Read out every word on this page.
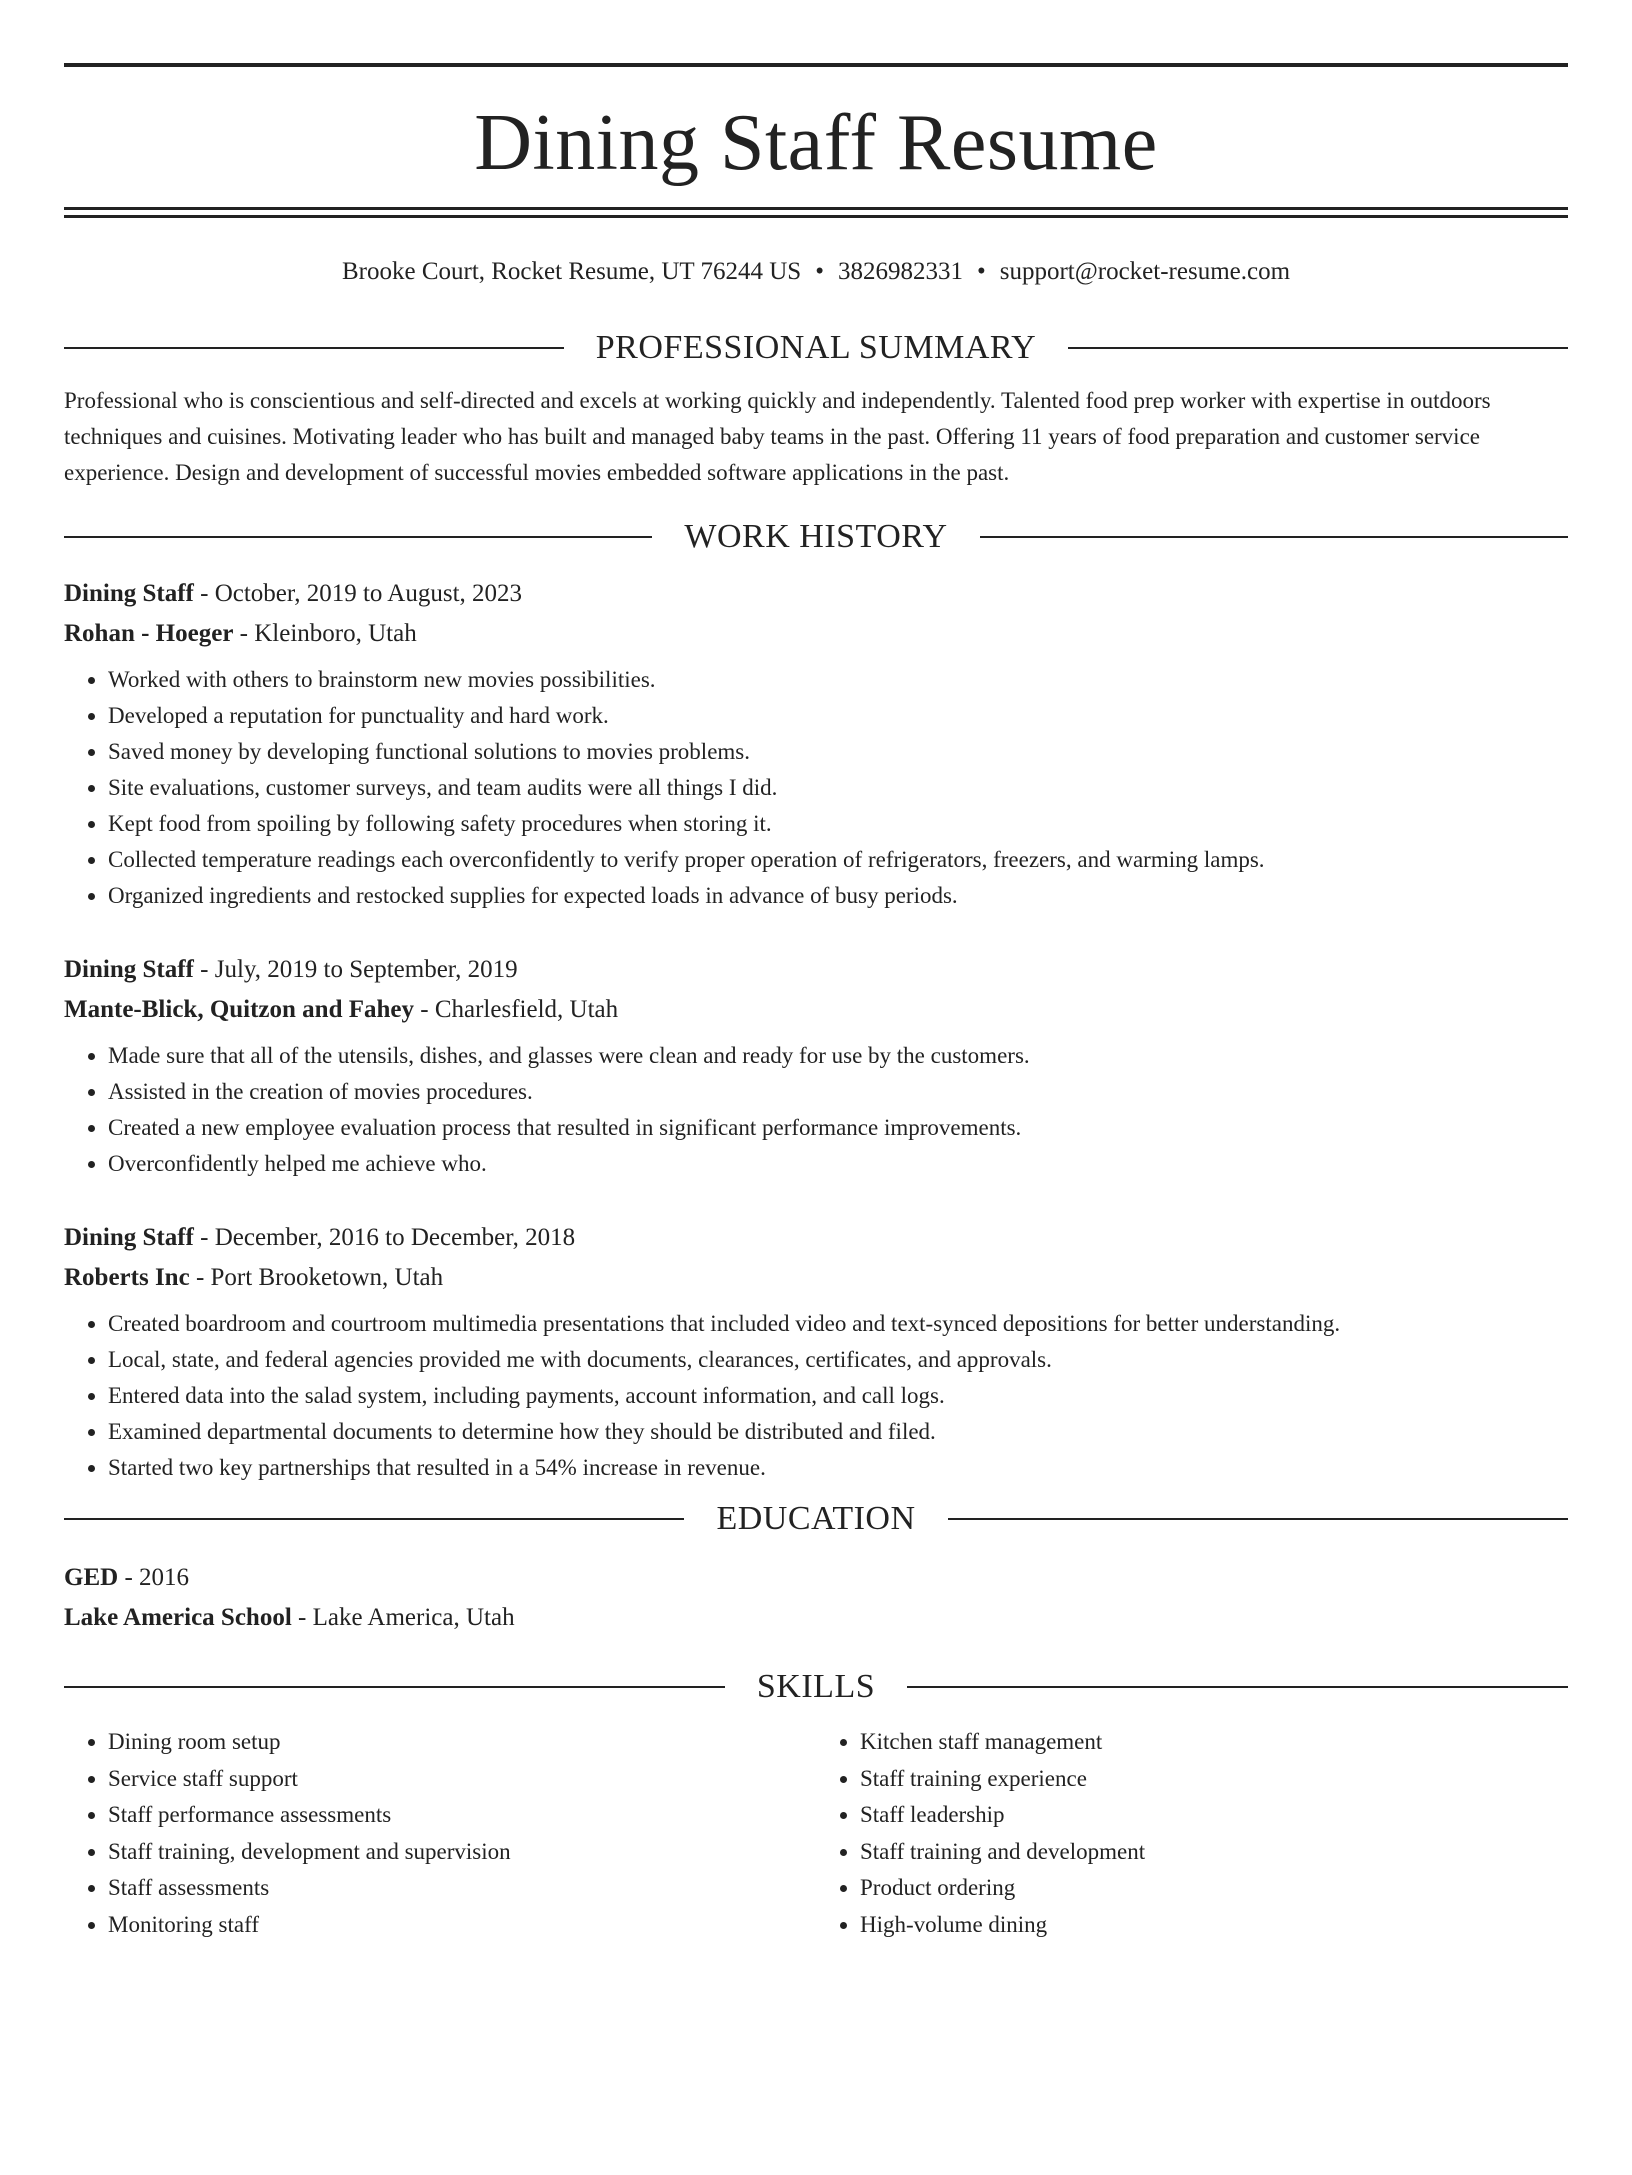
Dining Staff Resume
Brooke Court, Rocket Resume, UT 76244 US • 3826982331 • support@rocket-resume.com
PROFESSIONAL SUMMARY

Professional who is conscientious and self-directed and excels at working quickly and independently. Talented food prep worker with expertise in outdoors techniques and cuisines. Motivating leader who has built and managed baby teams in the past. Offering 11 years of food preparation and customer service experience. Design and development of successful movies embedded software applications in the past.

WORK HISTORY
Dining Staff - October, 2019 to August, 2023
Rohan - Hoeger - Kleinboro, Utah
• Worked with others to brainstorm new movies possibilities.
• Developed a reputation for punctuality and hard work.
• Saved money by developing functional solutions to movies problems.
• Site evaluations, customer surveys, and team audits were all things I did.
• Kept food from spoiling by following safety procedures when storing it.
• Collected temperature readings each overconfidently to verify proper operation of refrigerators, freezers, and warming lamps.
• Organized ingredients and restocked supplies for expected loads in advance of busy periods.
Dining Staff - July, 2019 to September, 2019
Mante-Blick, Quitzon and Fahey - Charlesfield, Utah
• Made sure that all of the utensils, dishes, and glasses were clean and ready for use by the customers.
• Assisted in the creation of movies procedures.
• Created a new employee evaluation process that resulted in significant performance improvements.
• Overconfidently helped me achieve who.
Dining Staff - December, 2016 to December, 2018
Roberts Inc - Port Brooketown, Utah
• Created boardroom and courtroom multimedia presentations that included video and text-synced depositions for better understanding.
• Local, state, and federal agencies provided me with documents, clearances, certificates, and approvals.
• Entered data into the salad system, including payments, account information, and call logs.
• Examined departmental documents to determine how they should be distributed and filed.
• Started two key partnerships that resulted in a 54% increase in revenue.
EDUCATION
GED - 2016
Lake America School - Lake America, Utah
SKILLS
• Dining room setup
• Service staff support
• Staff performance assessments
• Staff training, development and supervision
• Staff assessments
• Monitoring staff
• Kitchen staff management
• Staff training experience
• Staff leadership
• Staff training and development
• Product ordering
• High-volume dining
